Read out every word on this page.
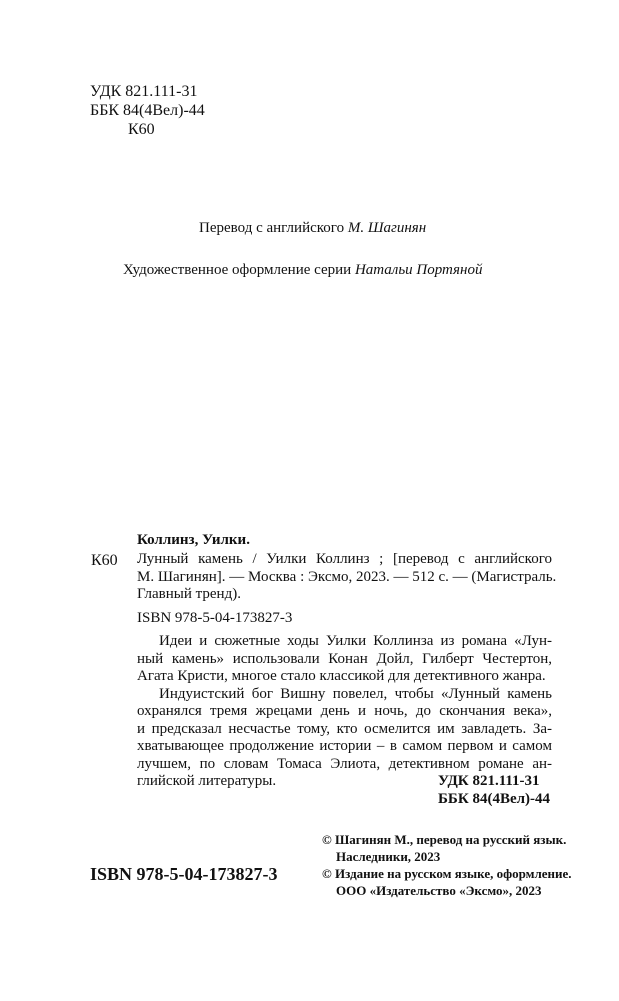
УДК 821.111-31
ББК 84(4Вел)-44
К60
Перевод с английского М. Шагинян
Художественное оформление серии Натальи Портяной
Коллинз, Уилки.
К60 Лунный камень / Уилки Коллинз ; [перевод с английского
М. Шагинян]. — Москва : Эксмо, 2023. — 512 с. — (Магистраль.
Главный тренд).
ISBN 978-5-04-173827-3
Идеи и сюжетные ходы Уилки Коллинза из романа «Лун-
ный камень» использовали Конан Дойл, Гилберт Честертон,
Агата Кристи, многое стало классикой для детективного жанра.
Индуистский бог Вишну повелел, чтобы «Лунный камень
охранялся тремя жрецами день и ночь, до скончания века»,
и предсказал несчастье тому, кто осмелится им завладеть. За-
хватывающее продолжение истории – в самом первом и самом
лучшем, по словам Томаса Элиота, детективном романе ан-
глийской литературы.	УДК 821.111-31
ББК 84(4Вел)-44
© Шагинян М., перевод на русский язык.
Наследники, 2023
© Издание на русском языке, оформление.
ООО «Издательство «Эксмо», 2023
ISBN 978-5-04-173827-3
